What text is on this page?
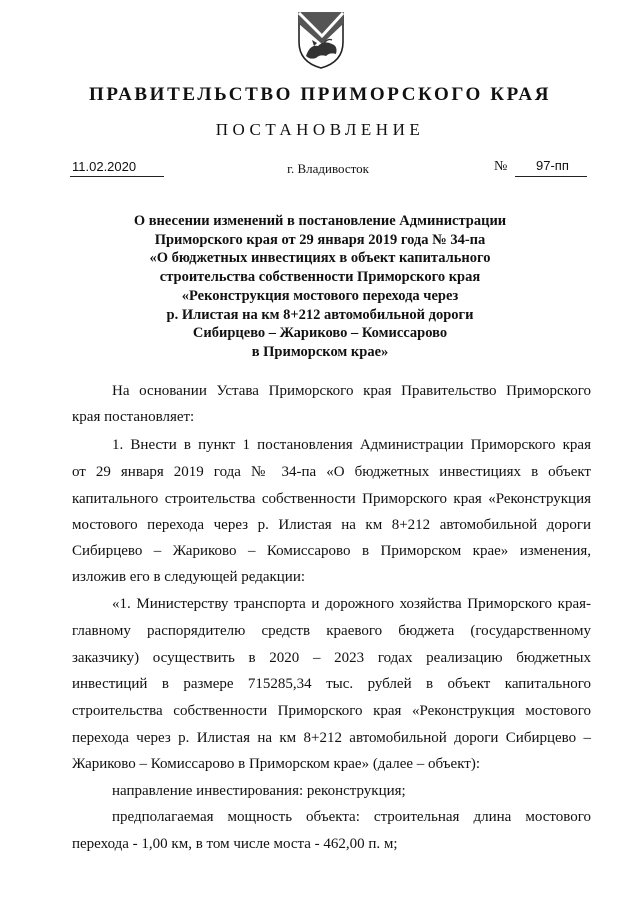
ПРАВИТЕЛЬСТВО ПРИМОРСКОГО КРАЯ
ПОСТАНОВЛЕНИЕ
11.02.2020	г. Владивосток	№ 97-пп
О внесении изменений в постановление Администрации
Приморского края от 29 января 2019 года № 34-па
«О бюджетных инвестициях в объект капитального
строительства собственности Приморского края
«Реконструкция мостового перехода через
р. Илистая на км 8+212 автомобильной дороги
Сибирцево – Жариково – Комиссарово
в Приморском крае»
На основании Устава Приморского края Правительство Приморского
края постановляет:
1. Внести в пункт 1 постановления Администрации Приморского края
от 29 января 2019 года № 34-па «О бюджетных инвестициях в объект
капитального строительства собственности Приморского края «Реконструкция
мостового перехода через р. Илистая на км 8+212 автомобильной дороги
Сибирцево – Жариково – Комиссарово в Приморском крае» изменения,
изложив его в следующей редакции:
«1. Министерству транспорта и дорожного хозяйства Приморского края-
главному распорядителю средств краевого бюджета (государственному
заказчику) осуществить в 2020 – 2023 годах реализацию бюджетных
инвестиций в размере 715285,34 тыс. рублей в объект капитального
строительства собственности Приморского края «Реконструкция мостового
перехода через р. Илистая на км 8+212 автомобильной дороги Сибирцево –
Жариково – Комиссарово в Приморском крае» (далее – объект):
направление инвестирования: реконструкция;
предполагаемая мощность объекта: строительная длина мостового
перехода - 1,00 км, в том числе моста - 462,00 п. м;
